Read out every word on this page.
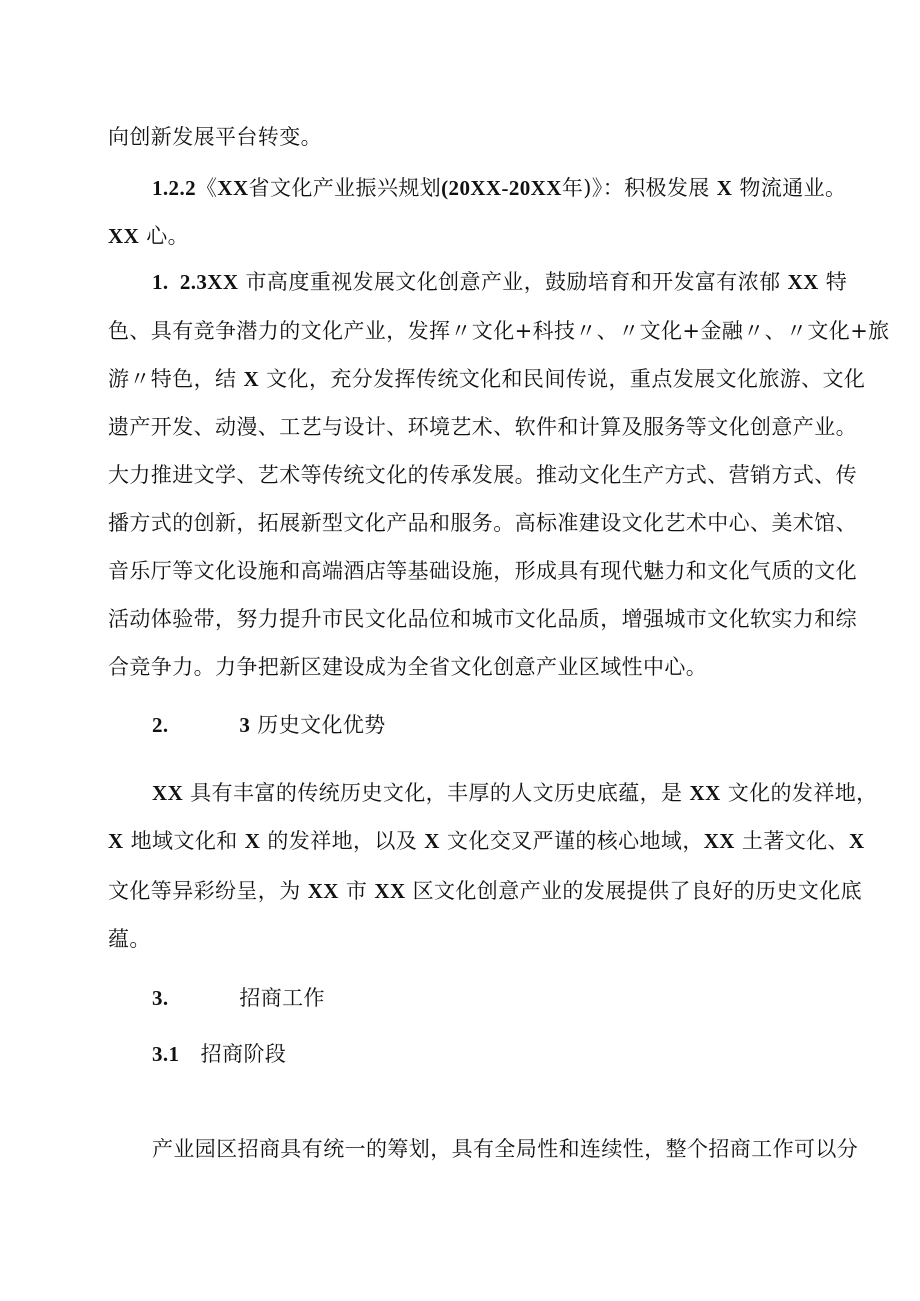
向创新发展平台转变。
1.2.2《XX省文化产业振兴规划(20XX-20XX年)》：积极发展 X 物流通业。
XX 心。
1.  2.3XX 市高度重视发展文化创意产业，鼓励培育和开发富有浓郁 XX 特
色、具有竞争潜力的文化产业，发挥〃文化+科技〃、〃文化+金融〃、〃文化+旅
游〃特色，结 X 文化，充分发挥传统文化和民间传说，重点发展文化旅游、文化
遗产开发、动漫、工艺与设计、环境艺术、软件和计算及服务等文化创意产业。
大力推进文学、艺术等传统文化的传承发展。推动文化生产方式、营销方式、传
播方式的创新，拓展新型文化产品和服务。高标准建设文化艺术中心、美术馆、
音乐厅等文化设施和高端酒店等基础设施，形成具有现代魅力和文化气质的文化
活动体验带，努力提升市民文化品位和城市文化品质，增强城市文化软实力和综
合竞争力。力争把新区建设成为全省文化创意产业区域性中心。
2.	3 历史文化优势
XX 具有丰富的传统历史文化，丰厚的人文历史底蕴，是 XX 文化的发祥地，
X 地域文化和 X 的发祥地，以及 X 文化交叉严谨的核心地域，XX 土著文化、X
文化等异彩纷呈，为 XX 市 XX 区文化创意产业的发展提供了良好的历史文化底
蕴。
3.          招商工作
3.1   招商阶段
产业园区招商具有统一的筹划，具有全局性和连续性，整个招商工作可以分
